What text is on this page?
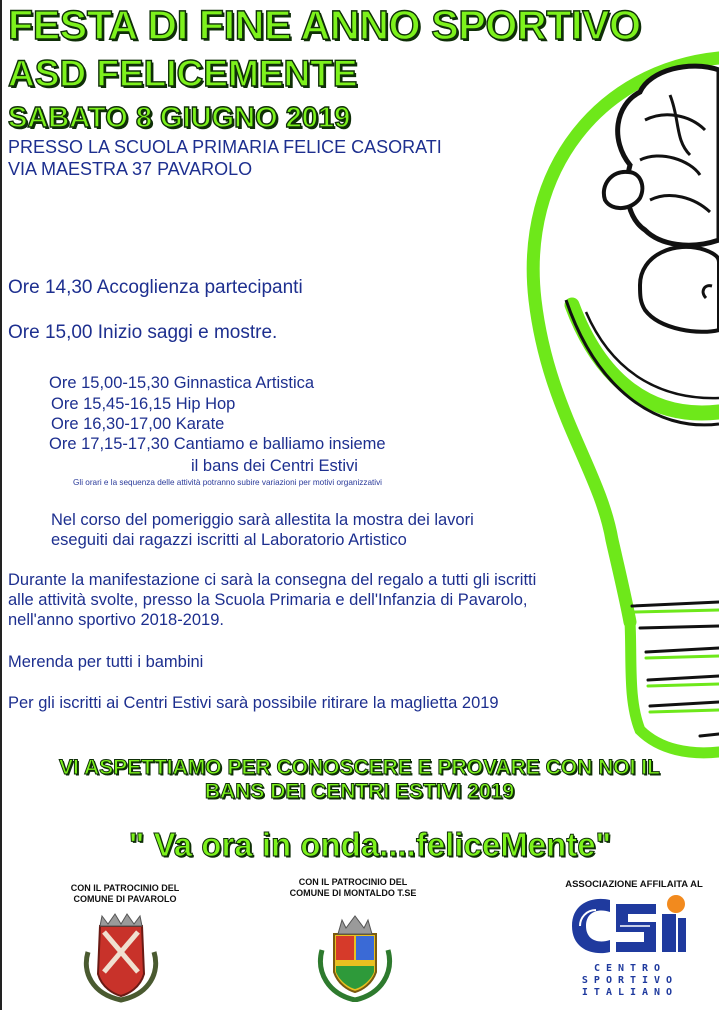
FESTA DI FINE ANNO SPORTIVO
ASD FELICEMENTE
SABATO 8 GIUGNO 2019
PRESSO LA SCUOLA PRIMARIA FELICE CASORATI
VIA MAESTRA 37 PAVAROLO
Ore 14,30 Accoglienza partecipanti
Ore 15,00 Inizio saggi e mostre.
Ore 15,00-15,30 Ginnastica Artistica
Ore 15,45-16,15 Hip Hop
Ore 16,30-17,00 Karate
Ore 17,15-17,30 Cantiamo e balliamo insieme
il bans dei Centri Estivi
Gli orari e la sequenza delle attività potranno subire variazioni per motivi organizzativi
Nel corso del pomeriggio sarà allestita la mostra dei lavori
eseguiti dai ragazzi iscritti al Laboratorio Artistico
Durante la manifestazione ci sarà la consegna del regalo a tutti gli iscritti
alle attività svolte, presso la Scuola Primaria e dell'Infanzia di Pavarolo,
nell'anno sportivo 2018-2019.
Merenda per tutti i bambini
Per gli iscritti ai Centri Estivi sarà possibile ritirare la maglietta 2019
VI ASPETTIAMO PER CONOSCERE E PROVARE CON NOI IL
BANS DEI CENTRI ESTIVI 2019
" Va ora in onda....feliceMente"
CON IL PATROCINIO DEL
COMUNE DI PAVAROLO
CON IL PATROCINIO DEL
COMUNE DI MONTALDO T.SE
ASSOCIAZIONE AFFILAITA AL
CENTRO
SPORTIVO
ITALIANO
